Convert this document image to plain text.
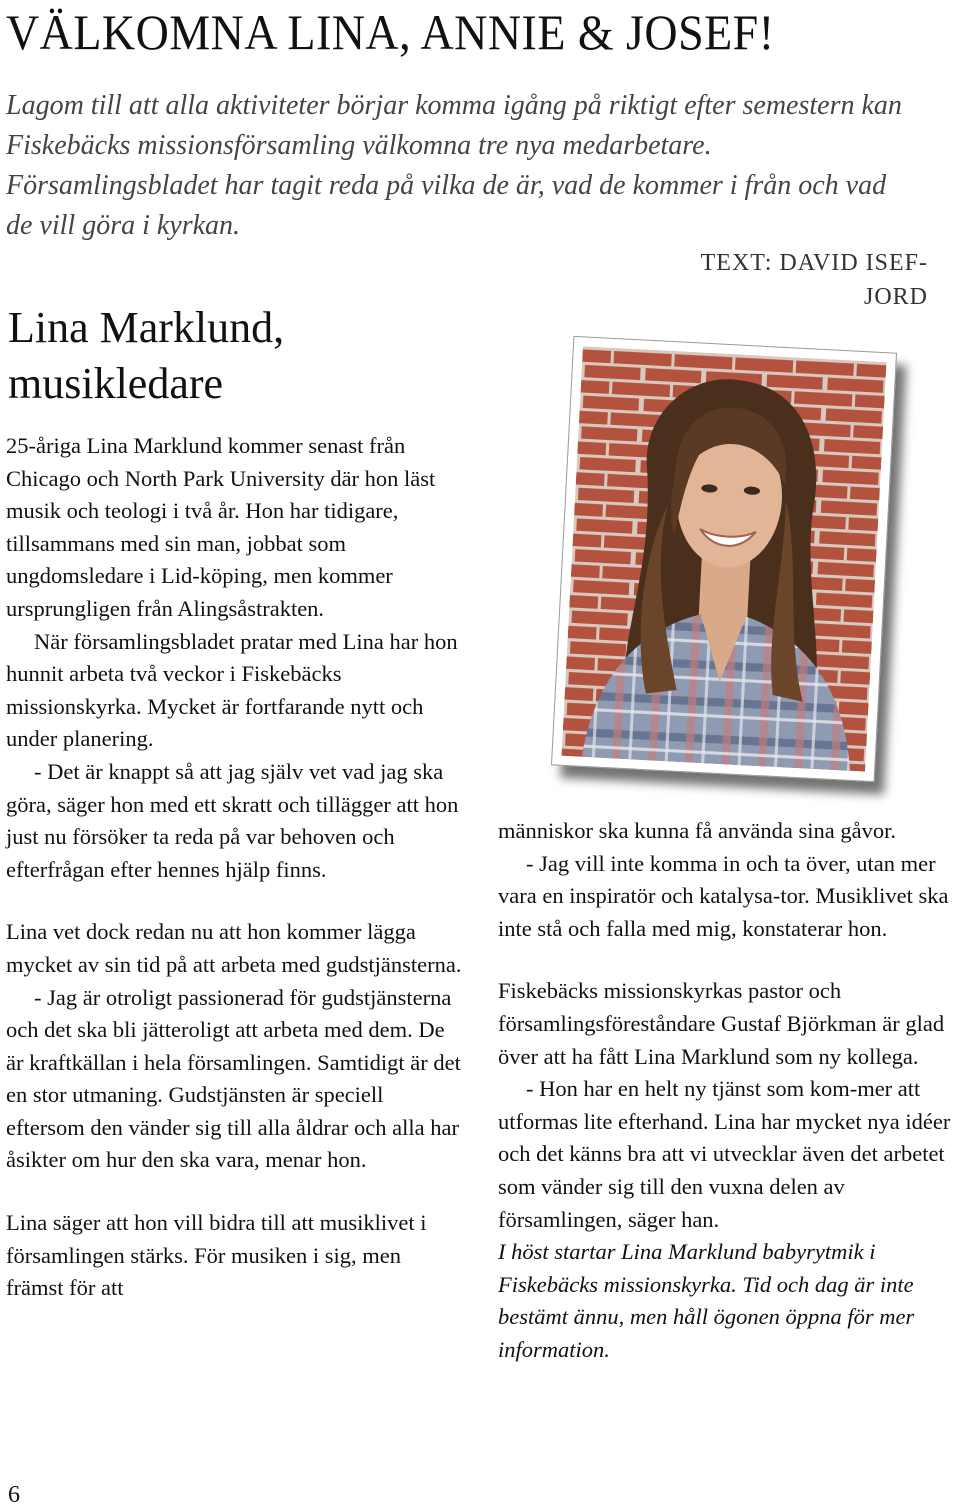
VÄLKOMNA LINA, ANNIE & JOSEF!

Lagom till att alla aktiviteter börjar komma igång på riktigt efter semestern kan Fiskebäcks missionsförsamling välkomna tre nya medarbetare. Församlingsbladet har tagit reda på vilka de är, vad de kommer i från och vad de vill göra i kyrkan.

TEXT: DAVID ISEF-
JORD
Lina Marklund,
musikledare

25-åriga Lina Marklund kommer senast från Chicago och North Park University där hon läst musik och teologi i två år. Hon har tidigare, tillsammans med sin man, jobbat som ungdomsledare i Lid-köping, men kommer ursprungligen från Alingsåstrakten.

När församlingsbladet pratar med Lina har hon hunnit arbeta två veckor i Fiskebäcks missionskyrka. Mycket är fortfarande nytt och under planering.

- Det är knappt så att jag själv vet vad jag ska göra, säger hon med ett skratt och tillägger att hon just nu försöker ta reda på var behoven och efterfrågan efter hennes hjälp finns.

Lina vet dock redan nu att hon kommer lägga mycket av sin tid på att arbeta med gudstjänsterna.

- Jag är otroligt passionerad för gudstjänsterna och det ska bli jätteroligt att arbeta med dem. De är kraftkällan i hela församlingen. Samtidigt är det en stor utmaning. Gudstjänsten är speciell eftersom den vänder sig till alla åldrar och alla har åsikter om hur den ska vara, menar hon.

Lina säger att hon vill bidra till att musiklivet i församlingen stärks. För musiken i sig, men främst för att

människor ska kunna få använda sina gåvor.

- Jag vill inte komma in och ta över, utan mer vara en inspiratör och katalysa-tor. Musiklivet ska inte stå och falla med mig, konstaterar hon.

Fiskebäcks missionskyrkas pastor och församlingsföreståndare Gustaf Björkman är glad över att ha fått Lina Marklund som ny kollega.

- Hon har en helt ny tjänst som kom-mer att utformas lite efterhand. Lina har mycket nya idéer och det känns bra att vi utvecklar även det arbetet som vänder sig till den vuxna delen av församlingen, säger han.

I höst startar Lina Marklund babyrytmik i Fiskebäcks missionskyrka. Tid och dag är inte bestämt ännu, men håll ögonen öppna för mer information.

6
